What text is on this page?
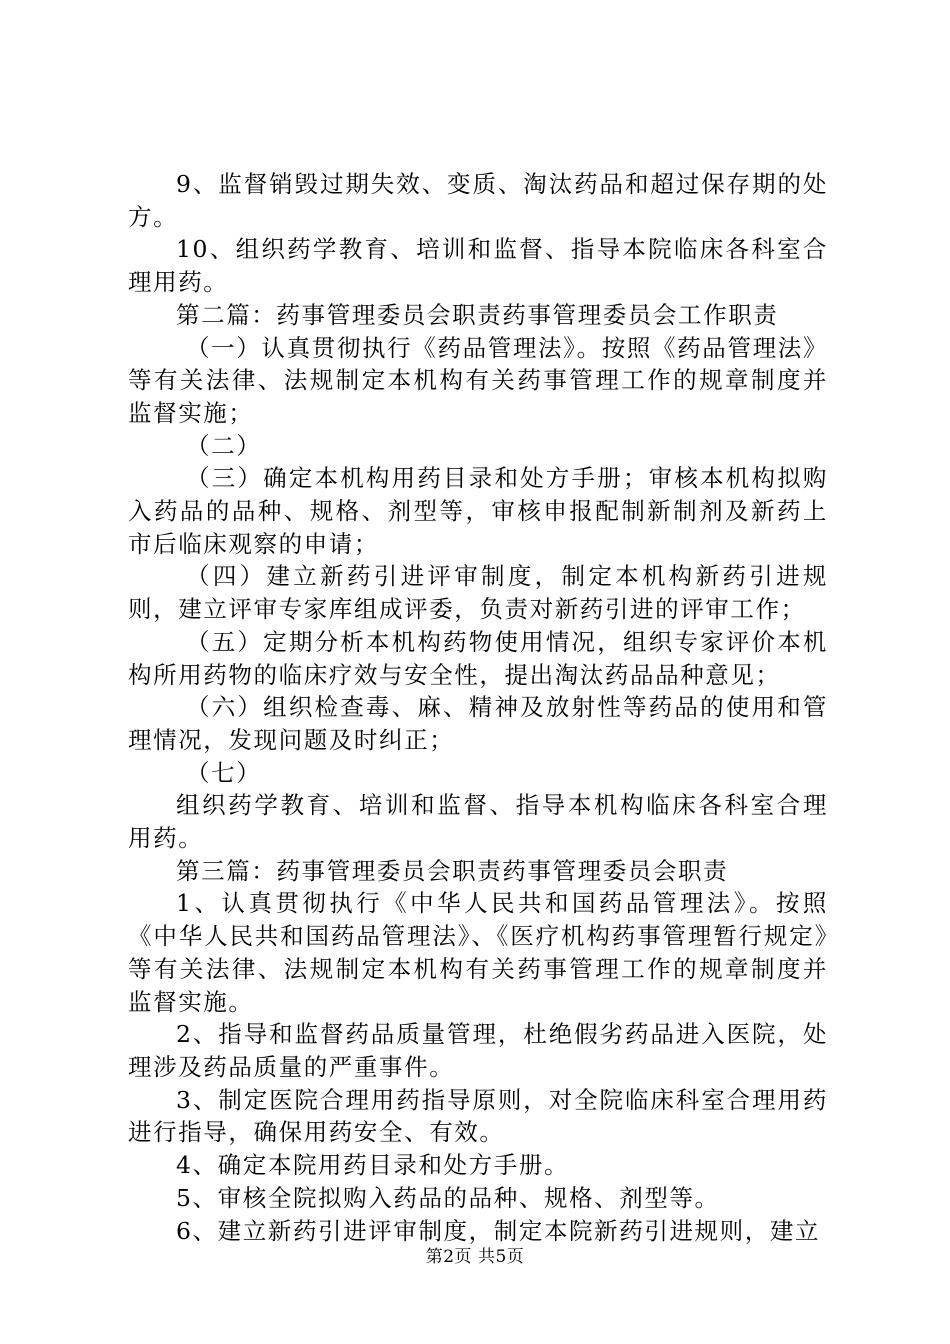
9、监督销毁过期失效、变质、淘汰药品和超过保存期的处方。

10、组织药学教育、培训和监督、指导本院临床各科室合理用药。

第二篇：药事管理委员会职责药事管理委员会工作职责

（一）认真贯彻执行《药品管理法》。按照《药品管理法》等有关法律、法规制定本机构有关药事管理工作的规章制度并监督实施；

（二）

（三）确定本机构用药目录和处方手册；审核本机构拟购入药品的品种、规格、剂型等，审核申报配制新制剂及新药上市后临床观察的申请；

（四）建立新药引进评审制度，制定本机构新药引进规则，建立评审专家库组成评委，负责对新药引进的评审工作；

（五）定期分析本机构药物使用情况，组织专家评价本机构所用药物的临床疗效与安全性，提出淘汰药品品种意见；

（六）组织检查毒、麻、精神及放射性等药品的使用和管理情况，发现问题及时纠正；

（七）

组织药学教育、培训和监督、指导本机构临床各科室合理用药。

第三篇：药事管理委员会职责药事管理委员会职责

1、认真贯彻执行《中华人民共和国药品管理法》。按照《中华人民共和国药品管理法》、《医疗机构药事管理暂行规定》等有关法律、法规制定本机构有关药事管理工作的规章制度并监督实施。

2、指导和监督药品质量管理，杜绝假劣药品进入医院，处理涉及药品质量的严重事件。

3、制定医院合理用药指导原则，对全院临床科室合理用药进行指导，确保用药安全、有效。

4、确定本院用药目录和处方手册。

5、审核全院拟购入药品的品种、规格、剂型等。

6、建立新药引进评审制度，制定本院新药引进规则，建立

第2页 共5页
